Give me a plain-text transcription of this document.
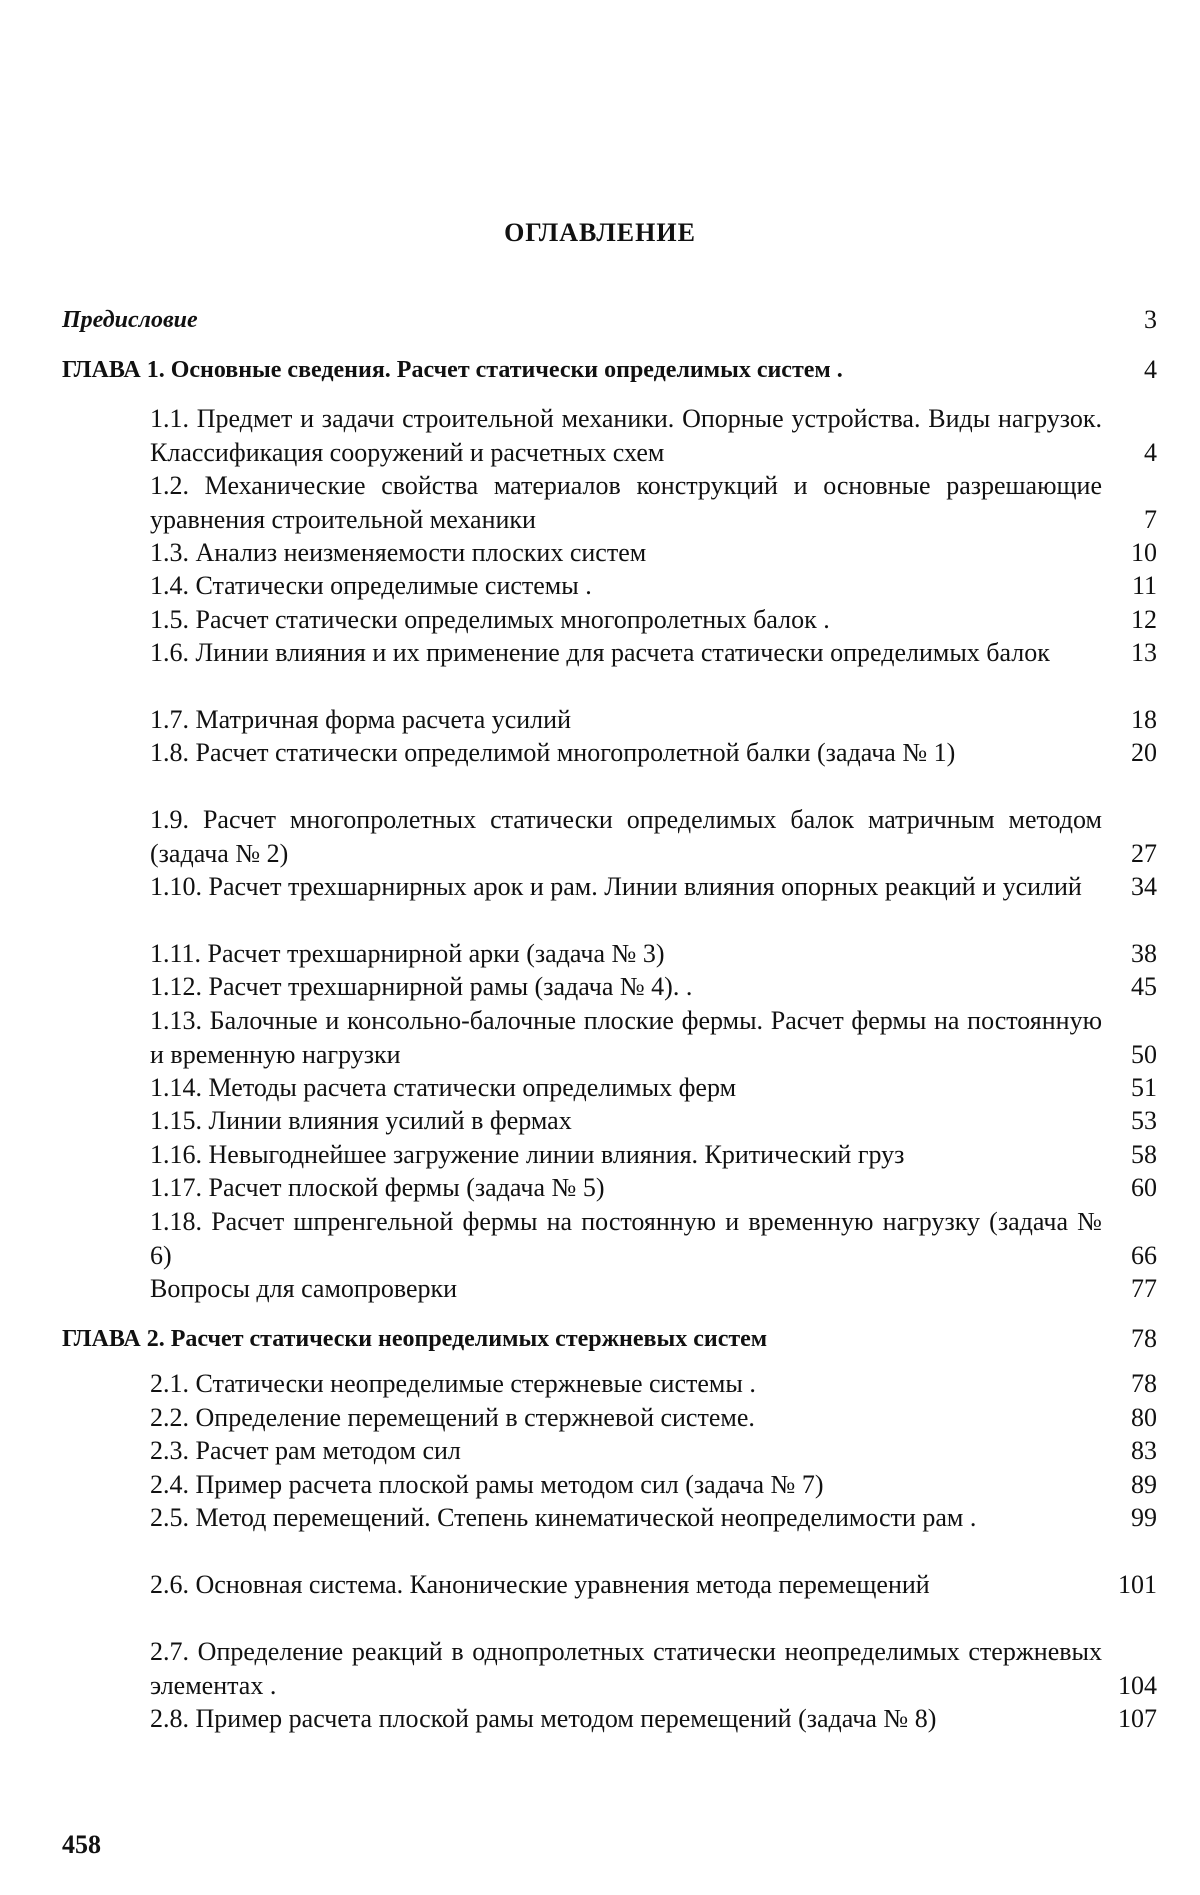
ОГЛАВЛЕНИЕ
Предисловие	3
ГЛАВА 1. Основные сведения. Расчет статически определимых систем .	4
1.1. Предмет и задачи строительной механики. Опорные устройства. Виды нагрузок. Классификация сооружений и расчетных схем	4
1.2. Механические свойства материалов конструкций и основные разрешающие уравнения строительной механики	7
1.3. Анализ неизменяемости плоских систем	10
1.4. Статически определимые системы .	11
1.5. Расчет статически определимых многопролетных балок .	12
1.6. Линии влияния и их применение для расчета статически определимых балок	13
1.7. Матричная форма расчета усилий	18
1.8. Расчет статически определимой многопролетной балки (задача № 1)	20
1.9. Расчет многопролетных статически определимых балок матричным методом (задача № 2)	27
1.10. Расчет трехшарнирных арок и рам. Линии влияния опорных реакций и усилий	34
1.11. Расчет трехшарнирной арки (задача № 3)	38
1.12. Расчет трехшарнирной рамы (задача № 4). .	45
1.13. Балочные и консольно-балочные плоские фермы. Расчет фермы на постоянную и временную нагрузки	50
1.14. Методы расчета статически определимых ферм	51
1.15. Линии влияния усилий в фермах	53
1.16. Невыгоднейшее загружение линии влияния. Критический груз	58
1.17. Расчет плоской фермы (задача № 5)	60
1.18. Расчет шпренгельной фермы на постоянную и временную нагрузку (задача № 6)	66
Вопросы для самопроверки	77
ГЛАВА 2. Расчет статически неопределимых стержневых систем	78
2.1. Статически неопределимые стержневые системы .	78
2.2. Определение перемещений в стержневой системе.	80
2.3. Расчет рам методом сил	83
2.4. Пример расчета плоской рамы методом сил (задача № 7)	89
2.5. Метод перемещений. Степень кинематической неопределимости рам .	99
2.6. Основная система. Канонические уравнения метода перемещений	101
2.7. Определение реакций в однопролетных статически неопределимых стержневых элементах .	104
2.8. Пример расчета плоской рамы методом перемещений (задача № 8)	107
458
